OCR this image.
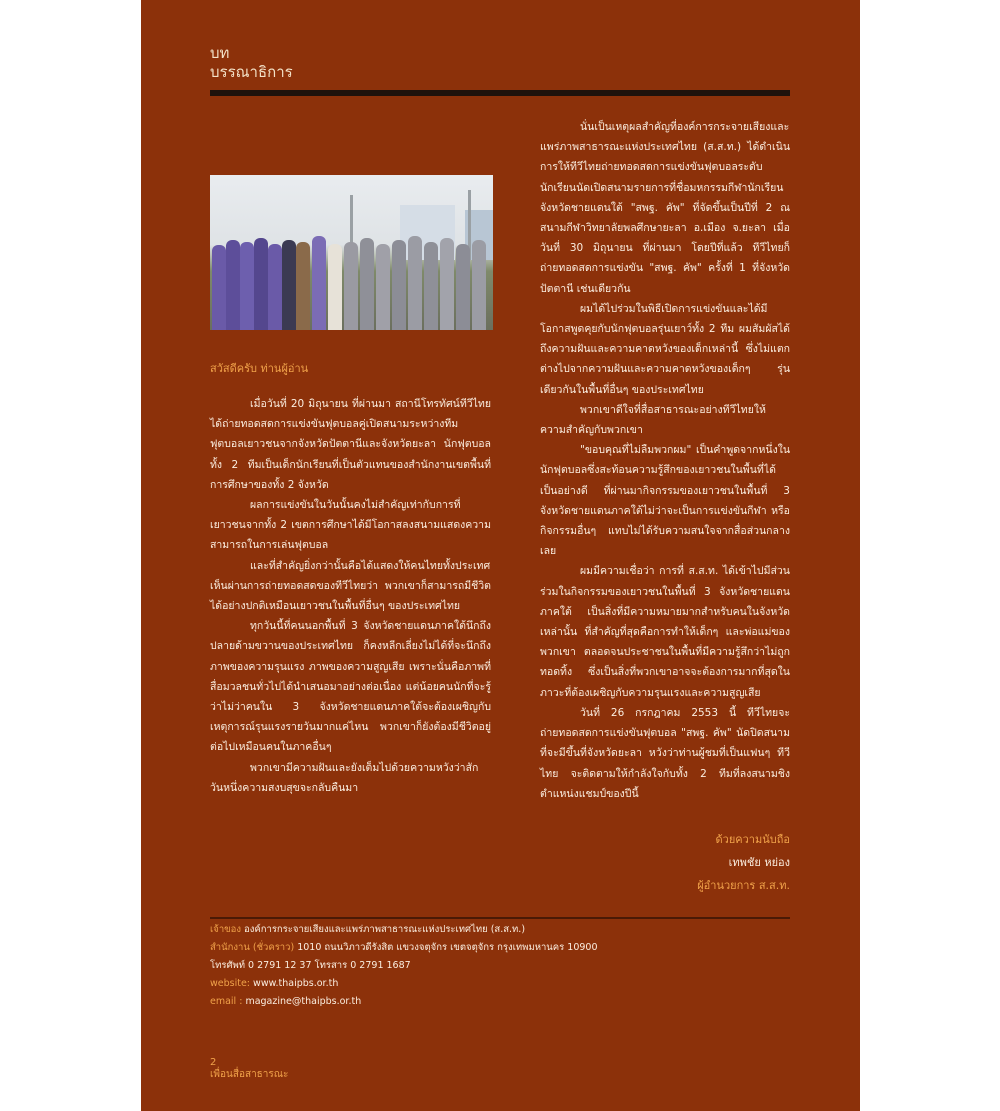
บท
บรรณาธิการ
สวัสดีครับ ท่านผู้อ่าน

เมื่อวันที่ 20 มิถุนายน ที่ผ่านมา สถานีโทรทัศน์ทีวีไทยได้ถ่ายทอดสดการแข่งขันฟุตบอลคู่เปิดสนามระหว่างทีมฟุตบอลเยาวชนจากจังหวัดปัตตานีและจังหวัดยะลา นักฟุตบอลทั้ง 2 ทีมเป็นเด็กนักเรียนที่เป็นตัวแทนของสำนักงานเขตพื้นที่การศึกษาของทั้ง 2 จังหวัด

ผลการแข่งขันในวันนั้นคงไม่สำคัญเท่ากับการที่เยาวชนจากทั้ง 2 เขตการศึกษาได้มีโอกาสลงสนามแสดงความสามารถในการเล่นฟุตบอล

และที่สำคัญยิ่งกว่านั้นคือได้แสดงให้คนไทยทั้งประเทศเห็นผ่านการถ่ายทอดสดของทีวีไทยว่า พวกเขาก็สามารถมีชีวิตได้อย่างปกติเหมือนเยาวชนในพื้นที่อื่นๆ ของประเทศไทย

ทุกวันนี้ที่คนนอกพื้นที่ 3 จังหวัดชายแดนภาคใต้นึกถึงปลายด้ามขวานของประเทศไทย ก็คงหลีกเลี่ยงไม่ได้ที่จะนึกถึงภาพของความรุนแรง ภาพของความสูญเสีย เพราะนั่นคือภาพที่สื่อมวลชนทั่วไปได้นำเสนอมาอย่างต่อเนื่อง แต่น้อยคนนักที่จะรู้ว่าไม่ว่าคนใน 3 จังหวัดชายแดนภาคใต้จะต้องเผชิญกับเหตุการณ์รุนแรงรายวันมากแค่ไหน พวกเขาก็ยังต้องมีชีวิตอยู่ต่อไปเหมือนคนในภาคอื่นๆ

พวกเขามีความฝันและยังเต็มไปด้วยความหวังว่าสักวันหนึ่งความสงบสุขจะกลับคืนมา

นั่นเป็นเหตุผลสำคัญที่องค์การกระจายเสียงและแพร่ภาพสาธารณะแห่งประเทศไทย (ส.ส.ท.) ได้ดำเนินการให้ทีวีไทยถ่ายทอดสดการแข่งขันฟุตบอลระดับนักเรียนนัดเปิดสนามรายการที่ชื่อมหกรรมกีฬานักเรียนจังหวัดชายแดนใต้ "สพฐ. คัพ" ที่จัดขึ้นเป็นปีที่ 2 ณ สนามกีฬาวิทยาลัยพลศึกษายะลา อ.เมือง จ.ยะลา เมื่อวันที่ 30 มิถุนายน ที่ผ่านมา โดยปีที่แล้ว ทีวีไทยก็ถ่ายทอดสดการแข่งขัน "สพฐ. คัพ" ครั้งที่ 1 ที่จังหวัดปัตตานี เช่นเดียวกัน

ผมได้ไปร่วมในพิธีเปิดการแข่งขันและได้มีโอกาสพูดคุยกับนักฟุตบอลรุ่นเยาว์ทั้ง 2 ทีม ผมสัมผัสได้ถึงความฝันและความคาดหวังของเด็กเหล่านี้ ซึ่งไม่แตกต่างไปจากความฝันและความคาดหวังของเด็กๆ รุ่นเดียวกันในพื้นที่อื่นๆ ของประเทศไทย

พวกเขาดีใจที่สื่อสาธารณะอย่างทีวีไทยให้ความสำคัญกับพวกเขา

"ขอบคุณที่ไม่ลืมพวกผม" เป็นคำพูดจากหนึ่งในนักฟุตบอลซึ่งสะท้อนความรู้สึกของเยาวชนในพื้นที่ได้เป็นอย่างดี ที่ผ่านมากิจกรรมของเยาวชนในพื้นที่ 3 จังหวัดชายแดนภาคใต้ไม่ว่าจะเป็นการแข่งขันกีฬา หรือกิจกรรมอื่นๆ แทบไม่ได้รับความสนใจจากสื่อส่วนกลางเลย

ผมมีความเชื่อว่า การที่ ส.ส.ท. ได้เข้าไปมีส่วนร่วมในกิจกรรมของเยาวชนในพื้นที่ 3 จังหวัดชายแดนภาคใต้ เป็นสิ่งที่มีความหมายมากสำหรับคนในจังหวัดเหล่านั้น ที่สำคัญที่สุดคือการทำให้เด็กๆ และพ่อแม่ของพวกเขา ตลอดจนประชาชนในพื้นที่มีความรู้สึกว่าไม่ถูกทอดทิ้ง ซึ่งเป็นสิ่งที่พวกเขาอาจจะต้องการมากที่สุดในภาวะที่ต้องเผชิญกับความรุนแรงและความสูญเสีย

วันที่ 26 กรกฎาคม 2553 นี้ ทีวีไทยจะถ่ายทอดสดการแข่งขันฟุตบอล "สพฐ. คัพ" นัดปิดสนามที่จะมีขึ้นที่จังหวัดยะลา หวังว่าท่านผู้ชมที่เป็นแฟนๆ ทีวีไทย จะติดตามให้กำลังใจกับทั้ง 2 ทีมที่ลงสนามชิงตำแหน่งแชมป์ของปีนี้

ด้วยความนับถือ
เทพชัย หย่อง
ผู้อำนวยการ ส.ส.ท.
เจ้าของ องค์การกระจายเสียงและแพร่ภาพสาธารณะแห่งประเทศไทย (ส.ส.ท.)
สำนักงาน (ชั่วคราว) 1010 ถนนวิภาวดีรังสิต แขวงจตุจักร เขตจตุจักร กรุงเทพมหานคร 10900
โทรศัพท์ 0 2791 12 37 โทรสาร 0 2791 1687
website: www.thaipbs.or.th
email : magazine@thaipbs.or.th
2
เพื่อนสื่อสาธารณะ
